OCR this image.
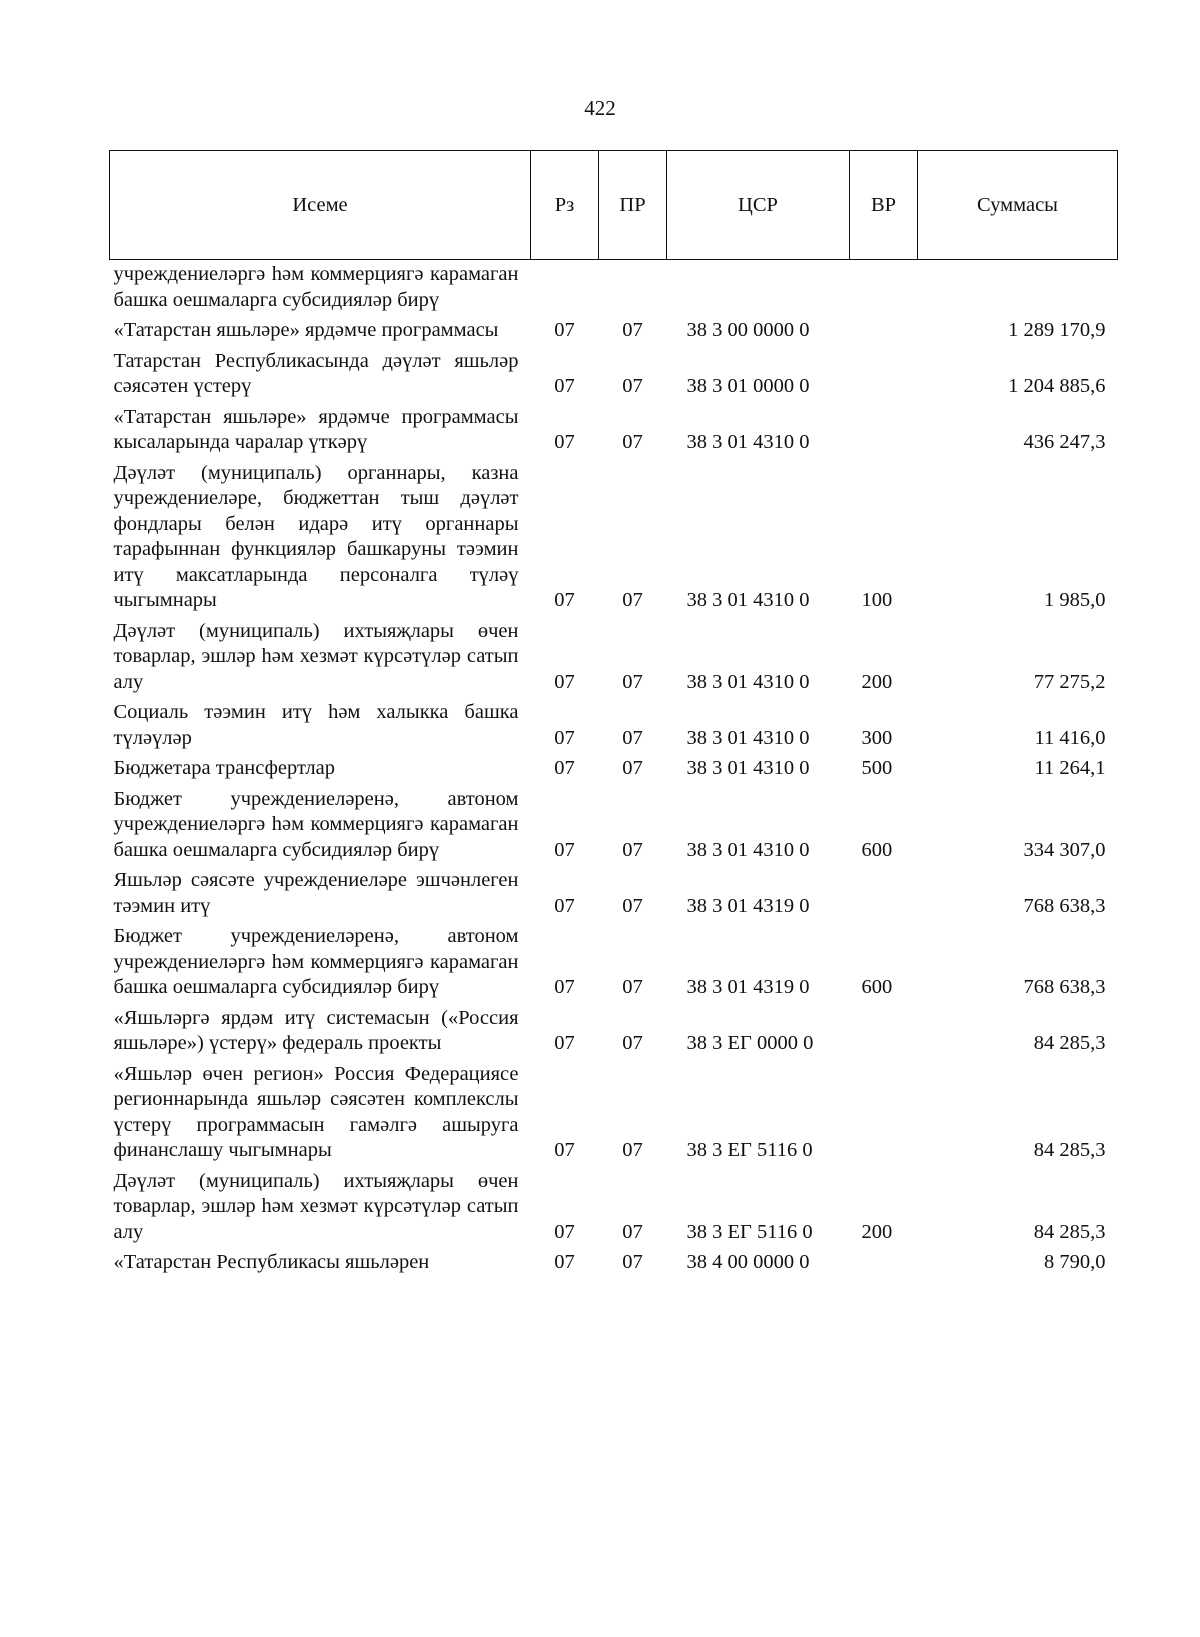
422
Исеме	Рз	ПР	ЦСР	ВР	Суммасы
учреждениеләргә һәм коммерциягә карамаган башка оешмаларга субсидияләр бирү					
«Татарстан яшьләре» ярдәмче программасы	07	07	38 3 00 0000 0		1 289 170,9
Татарстан Республикасында дәүләт яшьләр сәясәтен үстерү	07	07	38 3 01 0000 0		1 204 885,6
«Татарстан яшьләре» ярдәмче программасы кысаларында чаралар үткәрү	07	07	38 3 01 4310 0		436 247,3
Дәүләт (муниципаль) органнары, казна учреждениеләре, бюджеттан тыш дәүләт фондлары белән идарә итү органнары тарафыннан функцияләр башкаруны тәэмин итү максатларында персоналга түләү чыгымнары	07	07	38 3 01 4310 0	100	1 985,0
Дәүләт (муниципаль) ихтыяҗлары өчен товарлар, эшләр һәм хезмәт күрсәтүләр сатып алу	07	07	38 3 01 4310 0	200	77 275,2
Социаль тәэмин итү һәм халыкка башка түләүләр	07	07	38 3 01 4310 0	300	11 416,0
Бюджетара трансфертлар	07	07	38 3 01 4310 0	500	11 264,1
Бюджет учреждениеләренә, автоном учреждениеләргә һәм коммерциягә карамаган башка оешмаларга субсидияләр бирү	07	07	38 3 01 4310 0	600	334 307,0
Яшьләр сәясәте учреждениеләре эшчәнлеген тәэмин итү	07	07	38 3 01 4319 0		768 638,3
Бюджет учреждениеләренә, автоном учреждениеләргә һәм коммерциягә карамаган башка оешмаларга субсидияләр бирү	07	07	38 3 01 4319 0	600	768 638,3
«Яшьләргә ярдәм итү системасын («Россия яшьләре») үстерү» федераль проекты	07	07	38 3 ЕГ 0000 0		84 285,3
«Яшьләр өчен регион» Россия Федерациясе регионнарында яшьләр сәясәтен комплекслы үстерү программасын гамәлгә ашыруга финанслашу чыгымнары	07	07	38 3 ЕГ 5116 0		84 285,3
Дәүләт (муниципаль) ихтыяҗлары өчен товарлар, эшләр һәм хезмәт күрсәтүләр сатып алу	07	07	38 3 ЕГ 5116 0	200	84 285,3
«Татарстан Республикасы яшьләрен	07	07	38 4 00 0000 0		8 790,0
